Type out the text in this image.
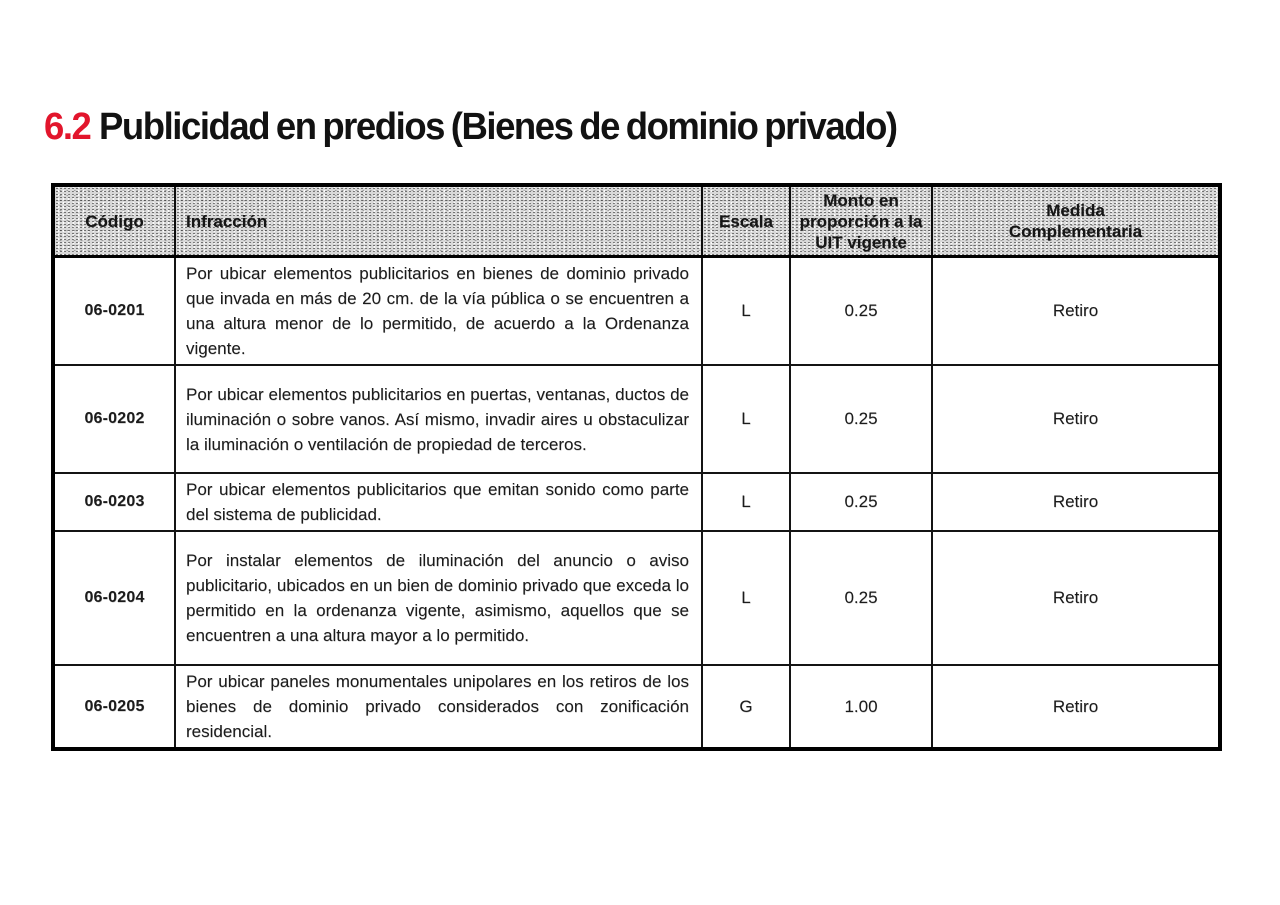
6.2 Publicidad en predios (Bienes de dominio privado)
Código	Infracción	Escala	Monto en proporción a la UIT vigente	Medida Complementaria
06-0201	Por ubicar elementos publicitarios en bienes de dominio privado que invada en más de 20 cm. de la vía pública o se encuentren a una altura menor de lo permitido, de acuerdo a la Ordenanza vigente.	L	0.25	Retiro
06-0202	Por ubicar elementos publicitarios en puertas, ventanas, ductos de iluminación o sobre vanos. Así mismo, invadir aires u obstaculizar la iluminación o ventilación de propiedad de terceros.	L	0.25	Retiro
06-0203	Por ubicar elementos publicitarios que emitan sonido como parte del sistema de publicidad.	L	0.25	Retiro
06-0204	Por instalar elementos de iluminación del anuncio o aviso publicitario, ubicados en un bien de dominio privado que exceda lo permitido en la ordenanza vigente, asimismo, aquellos que se encuentren a una altura mayor a lo permitido.	L	0.25	Retiro
06-0205	Por ubicar paneles monumentales unipolares en los retiros de los bienes de dominio privado considerados con zonificación residencial.	G	1.00	Retiro
